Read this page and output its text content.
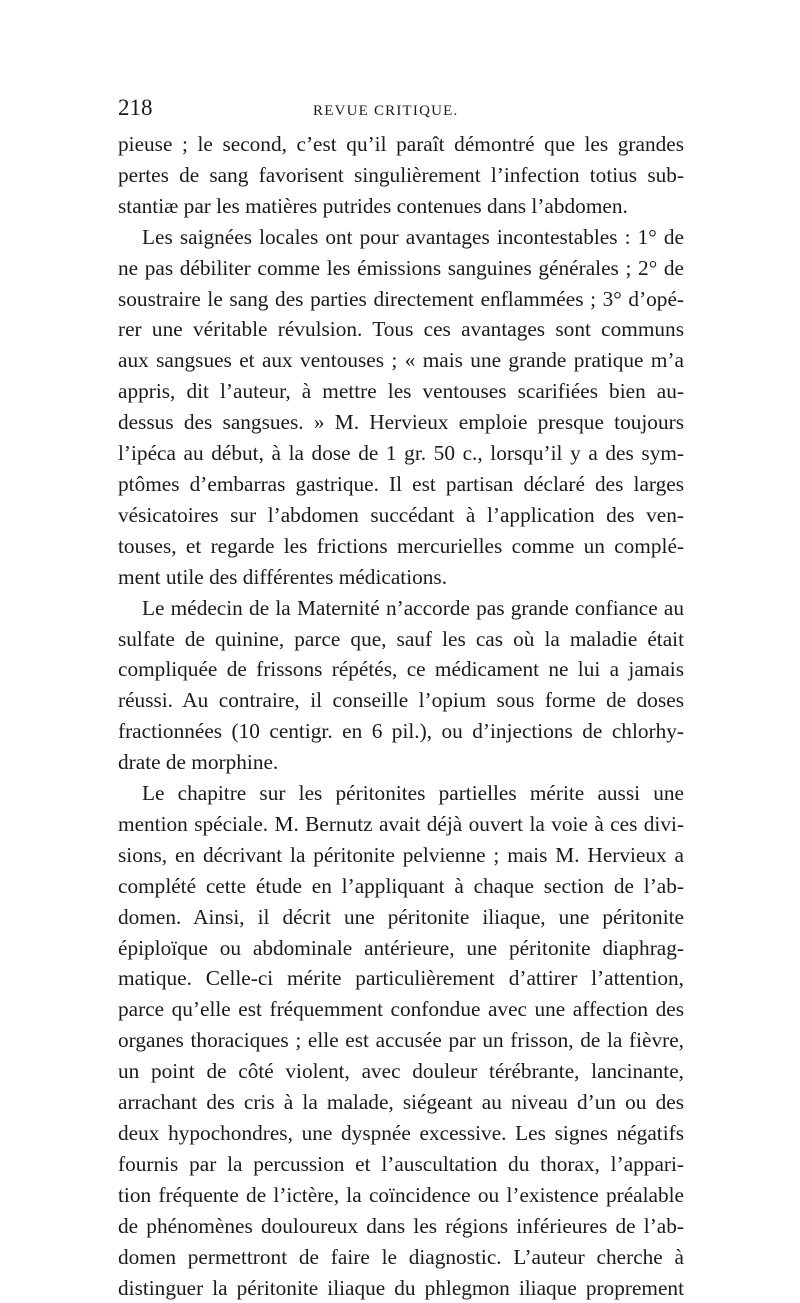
218	REVUE CRITIQUE.
pieuse ; le second, c’est qu’il paraît démontré que les grandes
pertes de sang favorisent singulièrement l’infection totius sub-
stantiæ par les matières putrides contenues dans l’abdomen.
Les saignées locales ont pour avantages incontestables : 1° de
ne pas débiliter comme les émissions sanguines générales ; 2° de
soustraire le sang des parties directement enflammées ; 3° d’opé-
rer une véritable révulsion. Tous ces avantages sont communs
aux sangsues et aux ventouses ; « mais une grande pratique m’a
appris, dit l’auteur, à mettre les ventouses scarifiées bien au-
dessus des sangsues. » M. Hervieux emploie presque toujours
l’ipéca au début, à la dose de 1 gr. 50 c., lorsqu’il y a des sym-
ptômes d’embarras gastrique. Il est partisan déclaré des larges
vésicatoires sur l’abdomen succédant à l’application des ven-
touses, et regarde les frictions mercurielles comme un complé-
ment utile des différentes médications.
Le médecin de la Maternité n’accorde pas grande confiance au
sulfate de quinine, parce que, sauf les cas où la maladie était
compliquée de frissons répétés, ce médicament ne lui a jamais
réussi. Au contraire, il conseille l’opium sous forme de doses
fractionnées (10 centigr. en 6 pil.), ou d’injections de chlorhy-
drate de morphine.
Le chapitre sur les péritonites partielles mérite aussi une
mention spéciale. M. Bernutz avait déjà ouvert la voie à ces divi-
sions, en décrivant la péritonite pelvienne ; mais M. Hervieux a
complété cette étude en l’appliquant à chaque section de l’ab-
domen. Ainsi, il décrit une péritonite iliaque, une péritonite
épiploïque ou abdominale antérieure, une péritonite diaphrag-
matique. Celle-ci mérite particulièrement d’attirer l’attention,
parce qu’elle est fréquemment confondue avec une affection des
organes thoraciques ; elle est accusée par un frisson, de la fièvre,
un point de côté violent, avec douleur térébrante, lancinante,
arrachant des cris à la malade, siégeant au niveau d’un ou des
deux hypochondres, une dyspnée excessive. Les signes négatifs
fournis par la percussion et l’auscultation du thorax, l’appari-
tion fréquente de l’ictère, la coïncidence ou l’existence préalable
de phénomènes douloureux dans les régions inférieures de l’ab-
domen permettront de faire le diagnostic. L’auteur cherche à
distinguer la péritonite iliaque du phlegmon iliaque proprement
